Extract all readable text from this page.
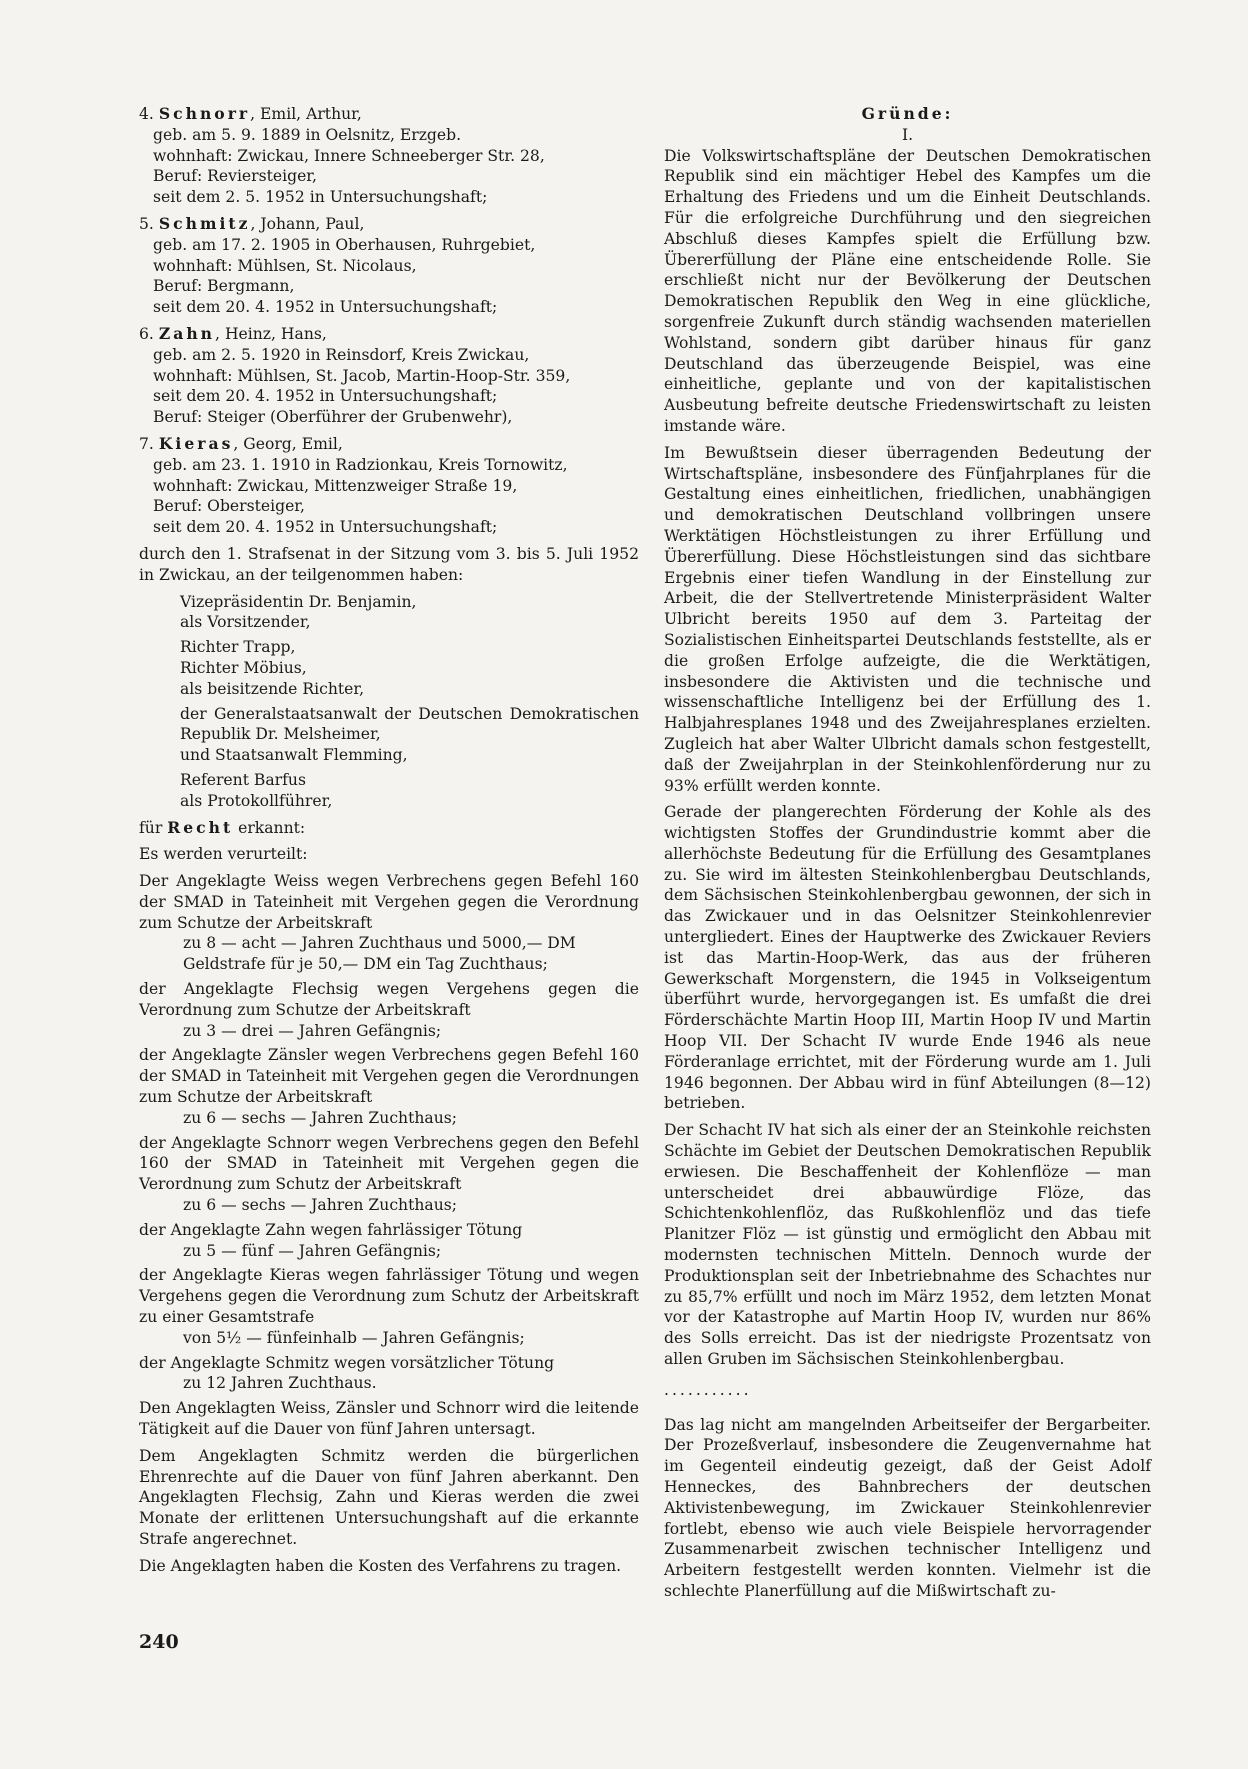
4. Schnorr, Emil, Arthur,
geb. am 5. 9. 1889 in Oelsnitz, Erzgeb.
wohnhaft: Zwickau, Innere Schneeberger Str. 28,
Beruf: Reviersteiger,
seit dem 2. 5. 1952 in Untersuchungshaft;
5. Schmitz, Johann, Paul,
geb. am 17. 2. 1905 in Oberhausen, Ruhrgebiet,
wohnhaft: Mühlsen, St. Nicolaus,
Beruf: Bergmann,
seit dem 20. 4. 1952 in Untersuchungshaft;
6. Zahn, Heinz, Hans,
geb. am 2. 5. 1920 in Reinsdorf, Kreis Zwickau,
wohnhaft: Mühlsen, St. Jacob, Martin-Hoop-Str. 359,
seit dem 20. 4. 1952 in Untersuchungshaft;
Beruf: Steiger (Oberführer der Grubenwehr),
7. Kieras, Georg, Emil,
geb. am 23. 1. 1910 in Radzionkau, Kreis Tornowitz,
wohnhaft: Zwickau, Mittenzweiger Straße 19,
Beruf: Obersteiger,
seit dem 20. 4. 1952 in Untersuchungshaft;

durch den 1. Strafsenat in der Sitzung vom 3. bis 5. Juli 1952 in Zwickau, an der teilgenommen haben:

Vizepräsidentin Dr. Benjamin,
als Vorsitzender,
Richter Trapp,
Richter Möbius,
als beisitzende Richter,
der Generalstaatsanwalt der Deutschen Demokratischen Republik Dr. Melsheimer,
und Staatsanwalt Flemming,
Referent Barfus
als Protokollführer,

für Recht erkannt:

Es werden verurteilt:

Der Angeklagte Weiss wegen Verbrechens gegen Befehl 160 der SMAD in Tateinheit mit Vergehen gegen die Verordnung zum Schutze der Arbeitskraft

zu 8 — acht — Jahren Zuchthaus und 5000,— DM Geldstrafe für je 50,— DM ein Tag Zuchthaus;

der Angeklagte Flechsig wegen Vergehens gegen die Verordnung zum Schutze der Arbeitskraft

zu 3 — drei — Jahren Gefängnis;

der Angeklagte Zänsler wegen Verbrechens gegen Befehl 160 der SMAD in Tateinheit mit Vergehen gegen die Verordnungen zum Schutze der Arbeitskraft

zu 6 — sechs — Jahren Zuchthaus;

der Angeklagte Schnorr wegen Verbrechens gegen den Befehl 160 der SMAD in Tateinheit mit Vergehen gegen die Verordnung zum Schutz der Arbeitskraft

zu 6 — sechs — Jahren Zuchthaus;

der Angeklagte Zahn wegen fahrlässiger Tötung

zu 5 — fünf — Jahren Gefängnis;

der Angeklagte Kieras wegen fahrlässiger Tötung und wegen Vergehens gegen die Verordnung zum Schutz der Arbeitskraft zu einer Gesamtstrafe

von 5½ — fünfeinhalb — Jahren Gefängnis;

der Angeklagte Schmitz wegen vorsätzlicher Tötung

zu 12 Jahren Zuchthaus.

Den Angeklagten Weiss, Zänsler und Schnorr wird die leitende Tätigkeit auf die Dauer von fünf Jahren untersagt.

Dem Angeklagten Schmitz werden die bürgerlichen Ehrenrechte auf die Dauer von fünf Jahren aberkannt. Den Angeklagten Flechsig, Zahn und Kieras werden die zwei Monate der erlittenen Untersuchungshaft auf die erkannte Strafe angerechnet.

Die Angeklagten haben die Kosten des Verfahrens zu tragen.

Gründe:

I.

Die Volkswirtschaftspläne der Deutschen Demokratischen Republik sind ein mächtiger Hebel des Kampfes um die Erhaltung des Friedens und um die Einheit Deutschlands. Für die erfolgreiche Durchführung und den siegreichen Abschluß dieses Kampfes spielt die Erfüllung bzw. Übererfüllung der Pläne eine entscheidende Rolle. Sie erschließt nicht nur der Bevölkerung der Deutschen Demokratischen Republik den Weg in eine glückliche, sorgenfreie Zukunft durch ständig wachsenden materiellen Wohlstand, sondern gibt darüber hinaus für ganz Deutschland das überzeugende Beispiel, was eine einheitliche, geplante und von der kapitalistischen Ausbeutung befreite deutsche Friedenswirtschaft zu leisten imstande wäre.

Im Bewußtsein dieser überragenden Bedeutung der Wirtschaftspläne, insbesondere des Fünfjahrplanes für die Gestaltung eines einheitlichen, friedlichen, unabhängigen und demokratischen Deutschland vollbringen unsere Werktätigen Höchstleistungen zu ihrer Erfüllung und Übererfüllung. Diese Höchstleistungen sind das sichtbare Ergebnis einer tiefen Wandlung in der Einstellung zur Arbeit, die der Stellvertretende Ministerpräsident Walter Ulbricht bereits 1950 auf dem 3. Parteitag der Sozialistischen Einheitspartei Deutschlands feststellte, als er die großen Erfolge aufzeigte, die die Werktätigen, insbesondere die Aktivisten und die technische und wissenschaftliche Intelligenz bei der Erfüllung des 1. Halbjahresplanes 1948 und des Zweijahresplanes erzielten. Zugleich hat aber Walter Ulbricht damals schon festgestellt, daß der Zweijahrplan in der Steinkohlenförderung nur zu 93% erfüllt werden konnte.

Gerade der plangerechten Förderung der Kohle als des wichtigsten Stoffes der Grundindustrie kommt aber die allerhöchste Bedeutung für die Erfüllung des Gesamtplanes zu. Sie wird im ältesten Steinkohlenbergbau Deutschlands, dem Sächsischen Steinkohlenbergbau gewonnen, der sich in das Zwickauer und in das Oelsnitzer Steinkohlenrevier untergliedert. Eines der Hauptwerke des Zwickauer Reviers ist das Martin-Hoop-Werk, das aus der früheren Gewerkschaft Morgenstern, die 1945 in Volkseigentum überführt wurde, hervorgegangen ist. Es umfaßt die drei Förderschächte Martin Hoop III, Martin Hoop IV und Martin Hoop VII. Der Schacht IV wurde Ende 1946 als neue Förderanlage errichtet, mit der Förderung wurde am 1. Juli 1946 begonnen. Der Abbau wird in fünf Abteilungen (8—12) betrieben.

Der Schacht IV hat sich als einer der an Steinkohle reichsten Schächte im Gebiet der Deutschen Demokratischen Republik erwiesen. Die Beschaffenheit der Kohlenflöze — man unterscheidet drei abbauwürdige Flöze, das Schichtenkohlenflöz, das Rußkohlenflöz und das tiefe Planitzer Flöz — ist günstig und ermöglicht den Abbau mit modernsten technischen Mitteln. Dennoch wurde der Produktionsplan seit der Inbetriebnahme des Schachtes nur zu 85,7% erfüllt und noch im März 1952, dem letzten Monat vor der Katastrophe auf Martin Hoop IV, wurden nur 86% des Solls erreicht. Das ist der niedrigste Prozentsatz von allen Gruben im Sächsischen Steinkohlenbergbau.

...........

Das lag nicht am mangelnden Arbeitseifer der Bergarbeiter. Der Prozeßverlauf, insbesondere die Zeugenvernahme hat im Gegenteil eindeutig gezeigt, daß der Geist Adolf Henneckes, des Bahnbrechers der deutschen Aktivistenbewegung, im Zwickauer Steinkohlenrevier fortlebt, ebenso wie auch viele Beispiele hervorragender Zusammenarbeit zwischen technischer Intelligenz und Arbeitern festgestellt werden konnten. Vielmehr ist die schlechte Planerfüllung auf die Mißwirtschaft zu-

240
